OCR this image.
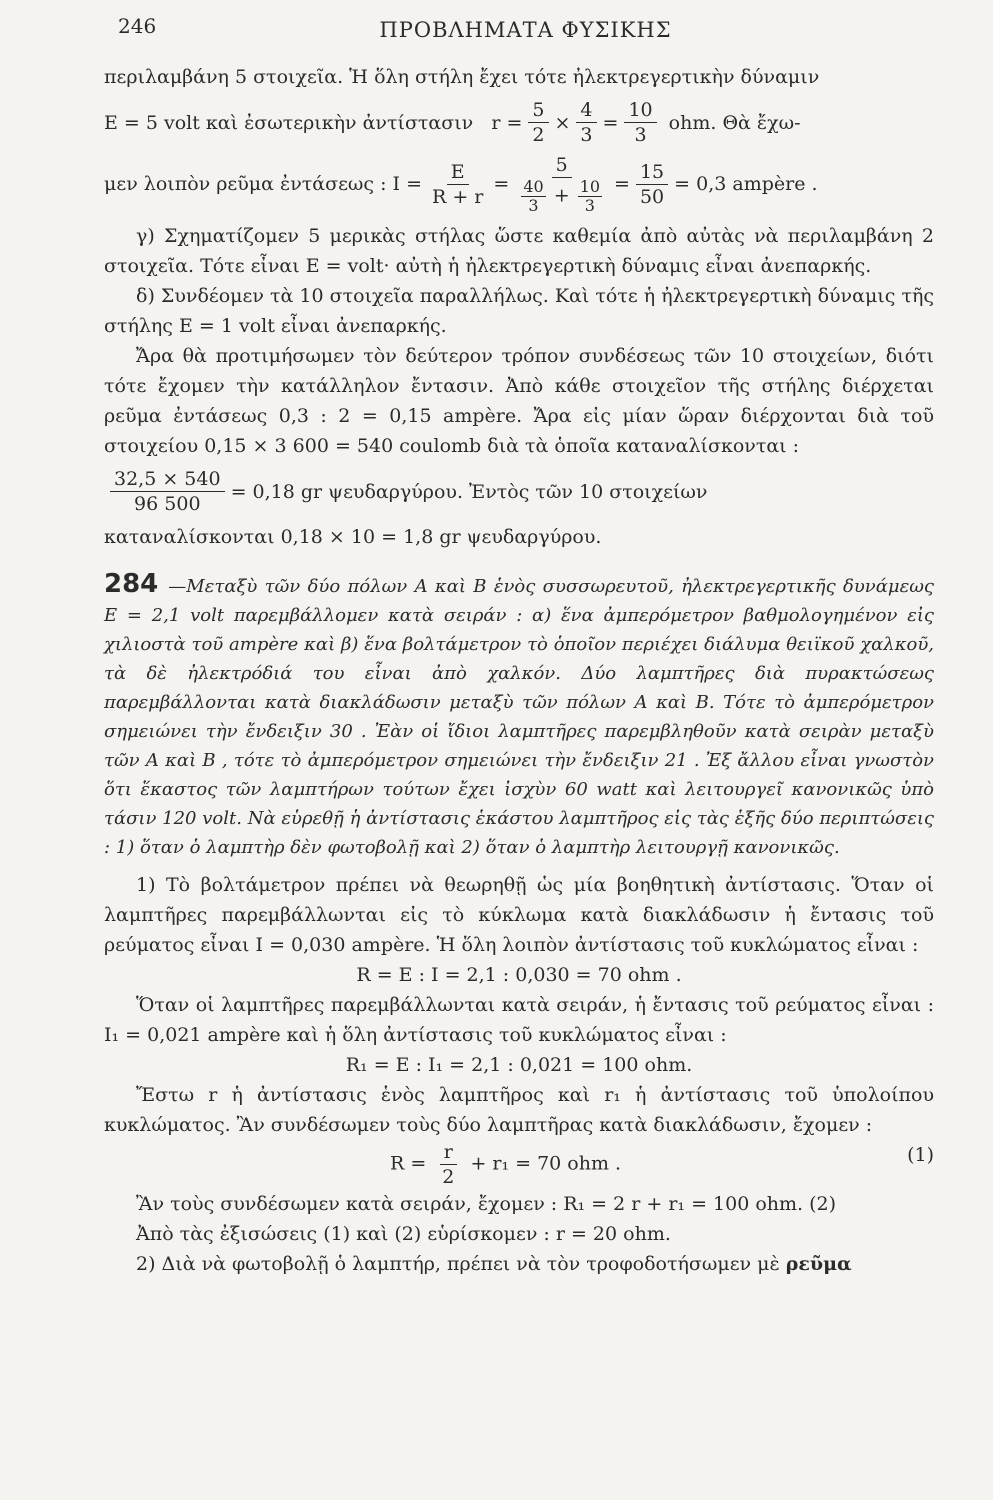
246	ΠΡΟΒΛΗΜΑΤΑ ΦΥΣΙΚΗΣ

περιλαμβάνη 5 στοιχεῖα. Ἡ ὅλη στήλη ἔχει τότε ἠλεκτρεγερτικὴν δύναμιν

E = 5 volt καὶ ἐσωτερικὴν ἀντίστασιν
$r = \frac{5}{2} \times \frac{4}{3} = \frac{10}{3}$
ohm. Θὰ ἔχω-
μεν λοιπὸν ρεῦμα ἐντάσεως : $I = \frac{E}{R + r} = \frac{5}{\frac{40}{3} + \frac{10}{3}} = \frac{15}{50} = 0,3$ ampère .

γ) Σχηματίζομεν 5 μερικὰς στήλας ὥστε καθεμία ἀπὸ αὐτὰς νὰ περιλαμβάνη 2 στοιχεῖα. Τότε εἶναι E = volt· αὐτὴ ἡ ἠλεκτρεγερτικὴ δύναμις εἶναι ἀνεπαρκής.

δ) Συνδέομεν τὰ 10 στοιχεῖα παραλλήλως. Καὶ τότε ἡ ἠλεκτρεγερτικὴ δύναμις τῆς στήλης E = 1 volt εἶναι ἀνεπαρκής.

Ἄρα θὰ προτιμήσωμεν τὸν δεύτερον τρόπον συνδέσεως τῶν 10 στοιχείων, διότι τότε ἔχομεν τὴν κατάλληλον ἔντασιν. Ἀπὸ κάθε στοιχεῖον τῆς στήλης διέρχεται ρεῦμα ἐντάσεως 0,3 : 2 = 0,15 ampère. Ἄρα εἰς μίαν ὥραν διέρχονται διὰ τοῦ στοιχείου 0,15 × 3 600 = 540 coulomb διὰ τὰ ὁποῖα καταναλίσκονται :

$\frac{32,5 \times 540}{96 500} = 0,18$ gr ψευδαργύρου. Ἐντὸς τῶν 10 στοιχείων

καταναλίσκονται 0,18 × 10 = 1,8 gr ψευδαργύρου.

284 —Μεταξὺ τῶν δύο πόλων A καὶ B ἑνὸς συσσωρευτοῦ, ἠλεκτρεγερτικῆς δυνάμεως E = 2,1 volt παρεμβάλλομεν κατὰ σειράν : α) ἕνα ἀμπερόμετρον βαθμολογημένον εἰς χιλιοστὰ τοῦ ampère καὶ β) ἕνα βολτάμετρον τὸ ὁποῖον περιέχει διάλυμα θειϊκοῦ χαλκοῦ, τὰ δὲ ἠλεκτρόδιά του εἶναι ἀπὸ χαλκόν. Δύο λαμπτῆρες διὰ πυρακτώσεως παρεμβάλλονται κατὰ διακλάδωσιν μεταξὺ τῶν πόλων A καὶ B. Τότε τὸ ἀμπερόμετρον σημειώνει τὴν ἔνδειξιν 30 . Ἐὰν οἱ ἴδιοι λαμπτῆρες παρεμβληθοῦν κατὰ σειρὰν μεταξὺ τῶν A καὶ B , τότε τὸ ἀμπερόμετρον σημειώνει τὴν ἔνδειξιν 21 . Ἐξ ἄλλου εἶναι γνωστὸν ὅτι ἕκαστος τῶν λαμπτήρων τούτων ἔχει ἰσχὺν 60 watt καὶ λειτουργεῖ κανονικῶς ὑπὸ τάσιν 120 volt. Νὰ εὑρεθῇ ἡ ἀντίστασις ἑκάστου λαμπτῆρος εἰς τὰς ἑξῆς δύο περιπτώσεις : 1) ὅταν ὁ λαμπτὴρ δὲν φωτοβολῇ καὶ 2) ὅταν ὁ λαμπτὴρ λειτουργῇ κανονικῶς.

1) Τὸ βολτάμετρον πρέπει νὰ θεωρηθῇ ὡς μία βοηθητικὴ ἀντίστασις. Ὅταν οἱ λαμπτῆρες παρεμβάλλωνται εἰς τὸ κύκλωμα κατὰ διακλάδωσιν ἡ ἔντασις τοῦ ρεύματος εἶναι I = 0,030 ampère. Ἡ ὅλη λοιπὸν ἀντίστασις τοῦ κυκλώματος εἶναι :

R = E : I = 2,1 : 0,030 = 70 ohm .

Ὅταν οἱ λαμπτῆρες παρεμβάλλωνται κατὰ σειράν, ἡ ἔντασις τοῦ ρεύματος εἶναι : I₁ = 0,021 ampère καὶ ἡ ὅλη ἀντίστασις τοῦ κυκλώματος εἶναι :

R₁ = E : I₁ = 2,1 : 0,021 = 100 ohm.

Ἔστω r ἡ ἀντίστασις ἑνὸς λαμπτῆρος καὶ r₁ ἡ ἀντίστασις τοῦ ὑπολοίπου κυκλώματος. Ἂν συνδέσωμεν τοὺς δύο λαμπτῆρας κατὰ διακλάδωσιν, ἔχομεν :

$R = \frac{r}{2} + r_1 = 70$ ohm .	(1)

Ἂν τοὺς συνδέσωμεν κατὰ σειράν, ἔχομεν : R₁ = 2 r + r₁ = 100 ohm. (2)

Ἀπὸ τὰς ἐξισώσεις (1) καὶ (2) εὑρίσκομεν : r = 20 ohm.

2) Διὰ νὰ φωτοβολῇ ὁ λαμπτήρ, πρέπει νὰ τὸν τροφοδοτήσωμεν μὲ ρεῦμα
